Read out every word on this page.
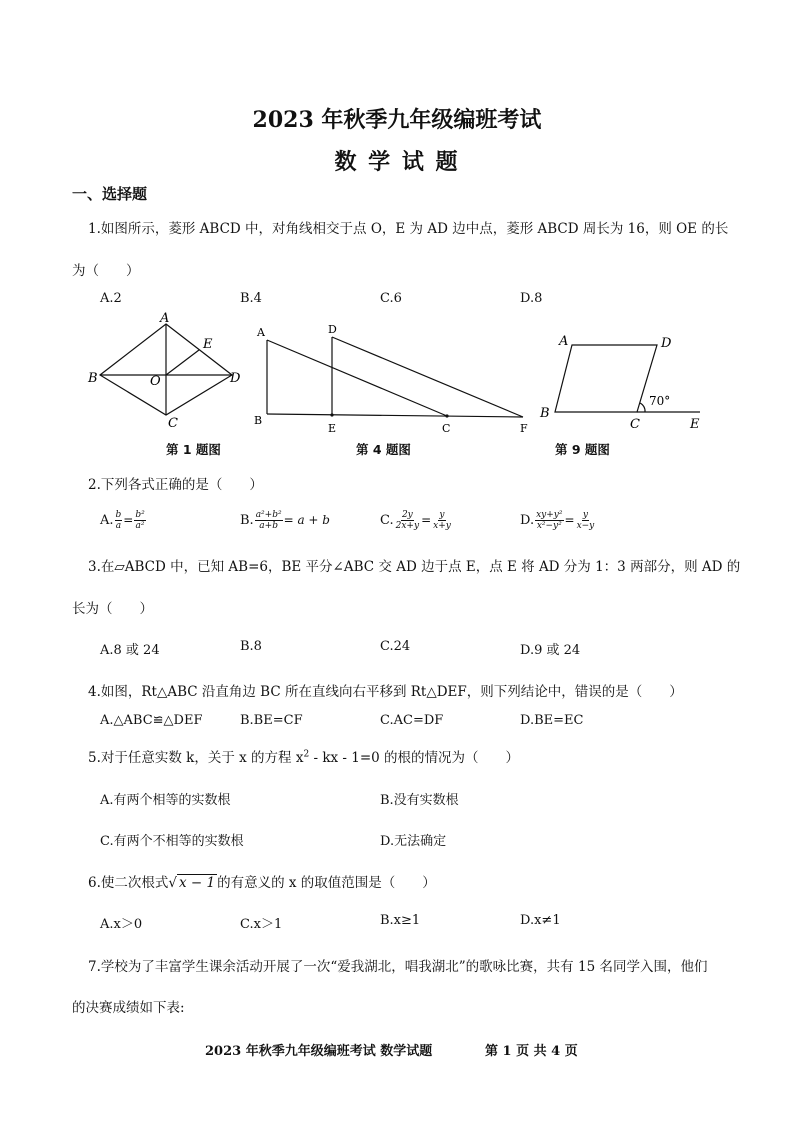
2023 年秋季九年级编班考试
数 学 试 题
一、选择题
1.如图所示，菱形 ABCD 中，对角线相交于点 O，E 为 AD 边中点，菱形 ABCD 周长为 16，则 OE 的长
为（　　）
A.2	B.4	C.6	D.8
A
E
B	D
O
C
第 1 题图
A	D
B
E	C	F
第 4 题图
A	D
B
C	E
70°
第 9 题图
2.下列各式正确的是（　　）
A. $\frac{b}{a} = \frac{\text{b²}}{\text{a²}}$	B. $\frac{\text{a²+b²}}{a+b} = a + b$	C. $\frac{2y}{2x+y} = \frac{y}{x+y}$	D. $\frac{\text{xy+y²}}{\text{x²−y²}} = \frac{y}{x-y}$
3.在▱ABCD 中，已知 AB=6，BE 平分∠ABC 交 AD 边于点 E，点 E 将 AD 分为 1：3 两部分，则 AD 的
长为（　　）
A.8 或 24	B.8	C.24	D.9 或 24
4.如图，Rt△ABC 沿直角边 BC 所在直线向右平移到 Rt△DEF，则下列结论中，错误的是（　　）
A.△ABC≌△DEF	B.BE=CF	C.AC=DF	D.BE=EC
5.对于任意实数 k，关于 x 的方程 $x^2$ - kx - 1=0 的根的情况为（　　）
A.有两个相等的实数根	B.没有实数根
C.有两个不相等的实数根	D.无法确定
6.使二次根式√ x − 1 的有意义的 x 的取值范围是（　　）
A.x＞0	C.x＞1	B.x≥1	D.x≠1
7.学校为了丰富学生课余活动开展了一次“爱我湖北，唱我湖北”的歌咏比赛，共有 15 名同学入围，他们
的决赛成绩如下表:
2023 年秋季九年级编班考试 数学试题	第 1 页 共 4 页
